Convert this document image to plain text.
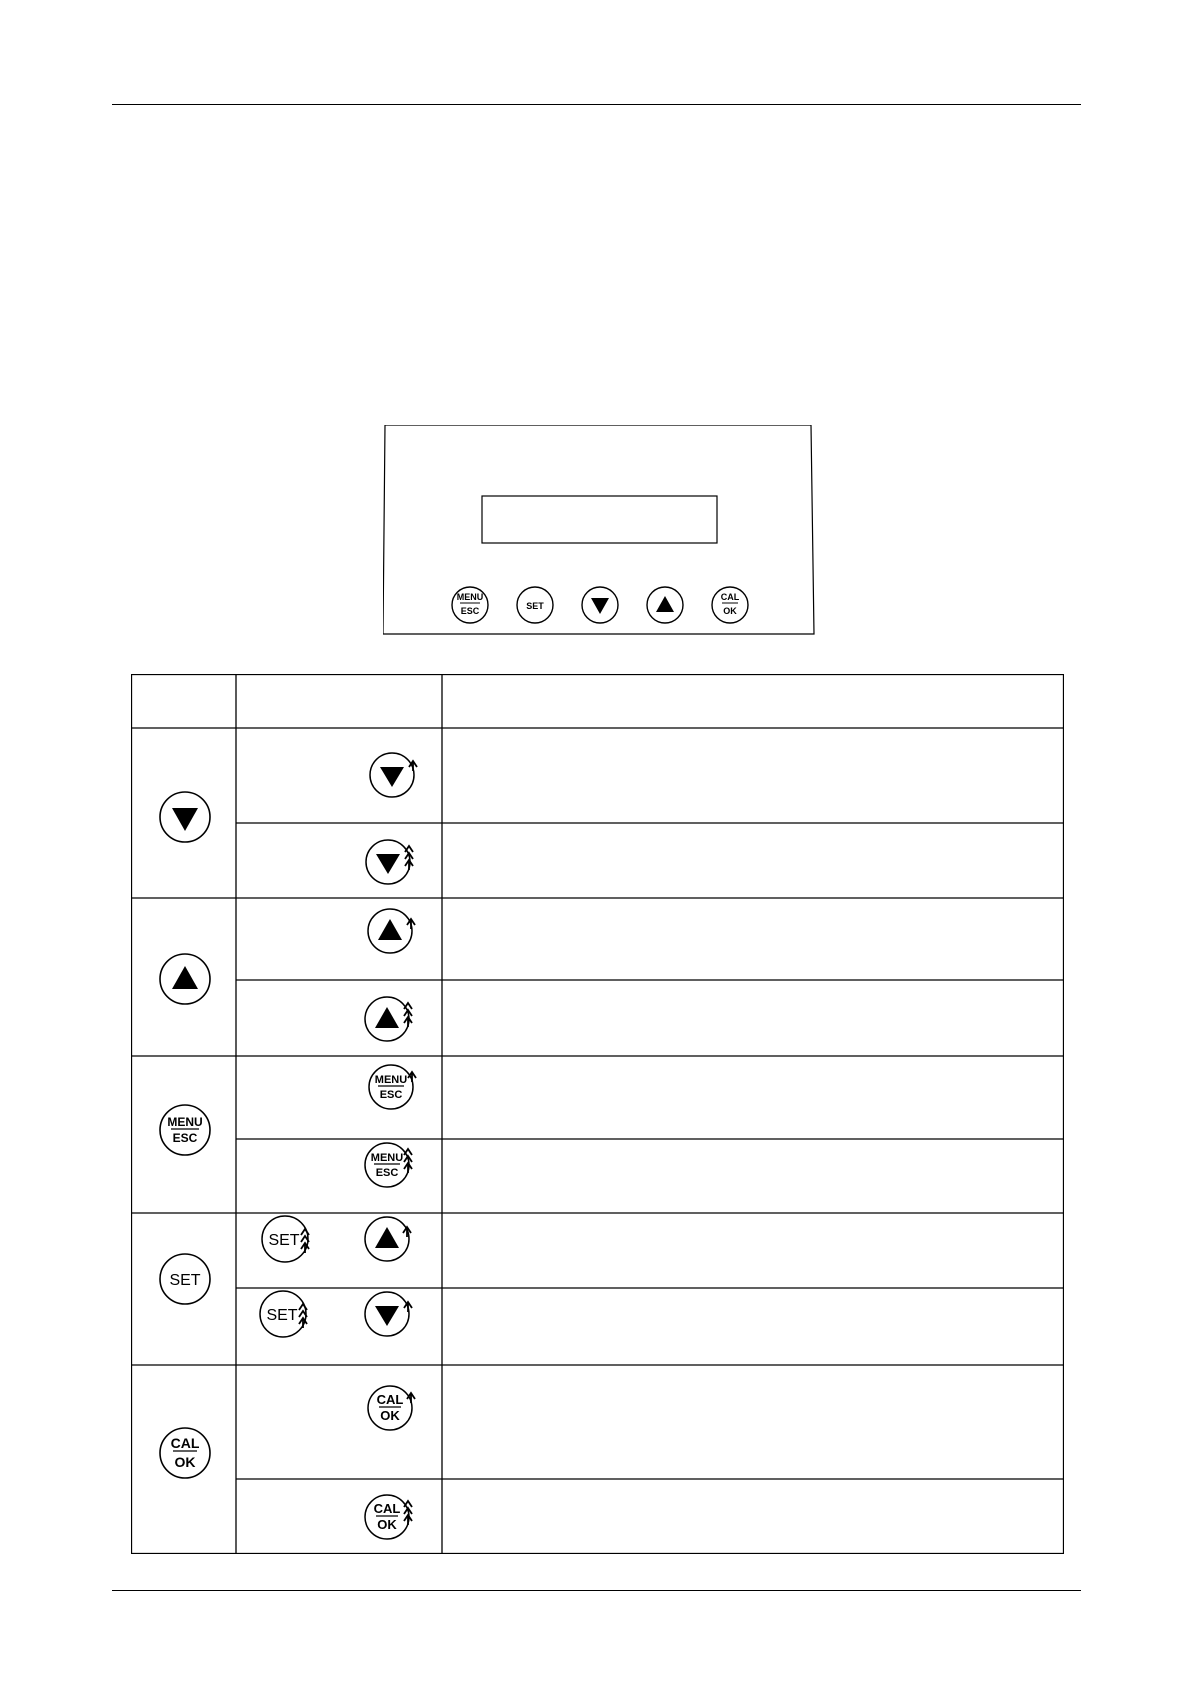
MENU
ESC	SET
CAL
OK
MENU
ESC
MENU
ESC
MENU
ESC
SET
SET
SET
CAL
OK
CAL
OK
CAL
OK
